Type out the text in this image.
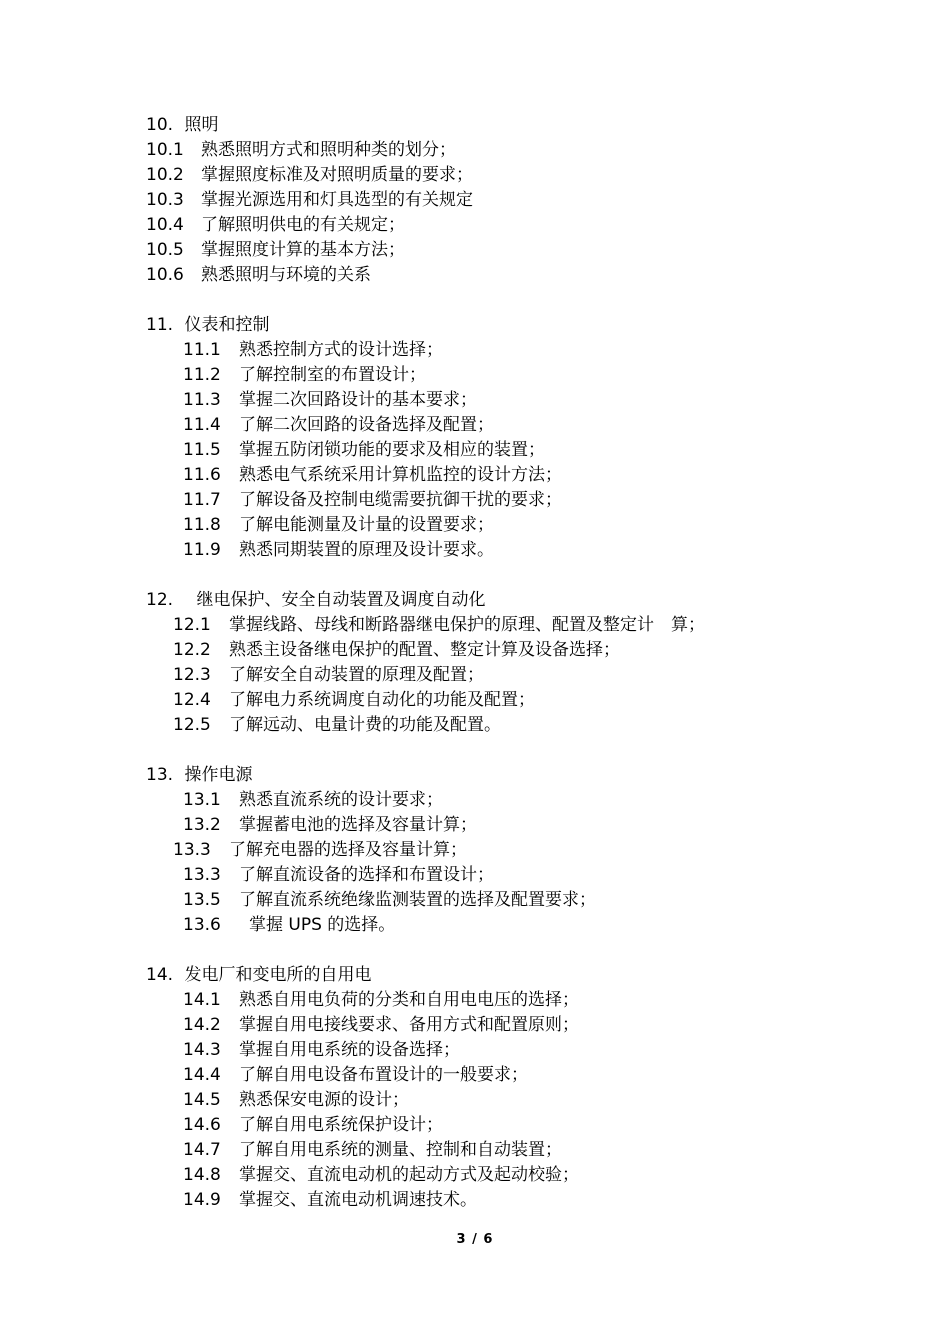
10. 照明
10.1 熟悉照明方式和照明种类的划分；
10.2 掌握照度标准及对照明质量的要求；
10.3 掌握光源选用和灯具选型的有关规定
10.4 了解照明供电的有关规定；
10.5 掌握照度计算的基本方法；
10.6 熟悉照明与环境的关系
11. 仪表和控制
11.1 熟悉控制方式的设计选择；
11.2 了解控制室的布置设计；
11.3 掌握二次回路设计的基本要求；
11.4 了解二次回路的设备选择及配置；
11.5 掌握五防闭锁功能的要求及相应的装置；
11.6 熟悉电气系统采用计算机监控的设计方法；
11.7 了解设备及控制电缆需要抗御干扰的要求；
11.8 了解电能测量及计量的设置要求；
11.9 熟悉同期装置的原理及设计要求。
12. 继电保护、安全自动装置及调度自动化
12.1 掌握线路、母线和断路器继电保护的原理、配置及整定计　算；
12.2 熟悉主设备继电保护的配置、整定计算及设备选择；
12.3 了解安全自动装置的原理及配置；
12.4 了解电力系统调度自动化的功能及配置；
12.5 了解远动、电量计费的功能及配置。
13. 操作电源
13.1 熟悉直流系统的设计要求；
13.2 掌握蓄电池的选择及容量计算；
13.3 了解充电器的选择及容量计算；
13.3 了解直流设备的选择和布置设计；
13.5 了解直流系统绝缘监测装置的选择及配置要求；
13.6 掌握 UPS 的选择。
14. 发电厂和变电所的自用电
14.1 熟悉自用电负荷的分类和自用电电压的选择；
14.2 掌握自用电接线要求、备用方式和配置原则；
14.3 掌握自用电系统的设备选择；
14.4 了解自用电设备布置设计的一般要求；
14.5 熟悉保安电源的设计；
14.6 了解自用电系统保护设计；
14.7 了解自用电系统的测量、控制和自动装置；
14.8 掌握交、直流电动机的起动方式及起动校验；
14.9 掌握交、直流电动机调速技术。
3 / 6
